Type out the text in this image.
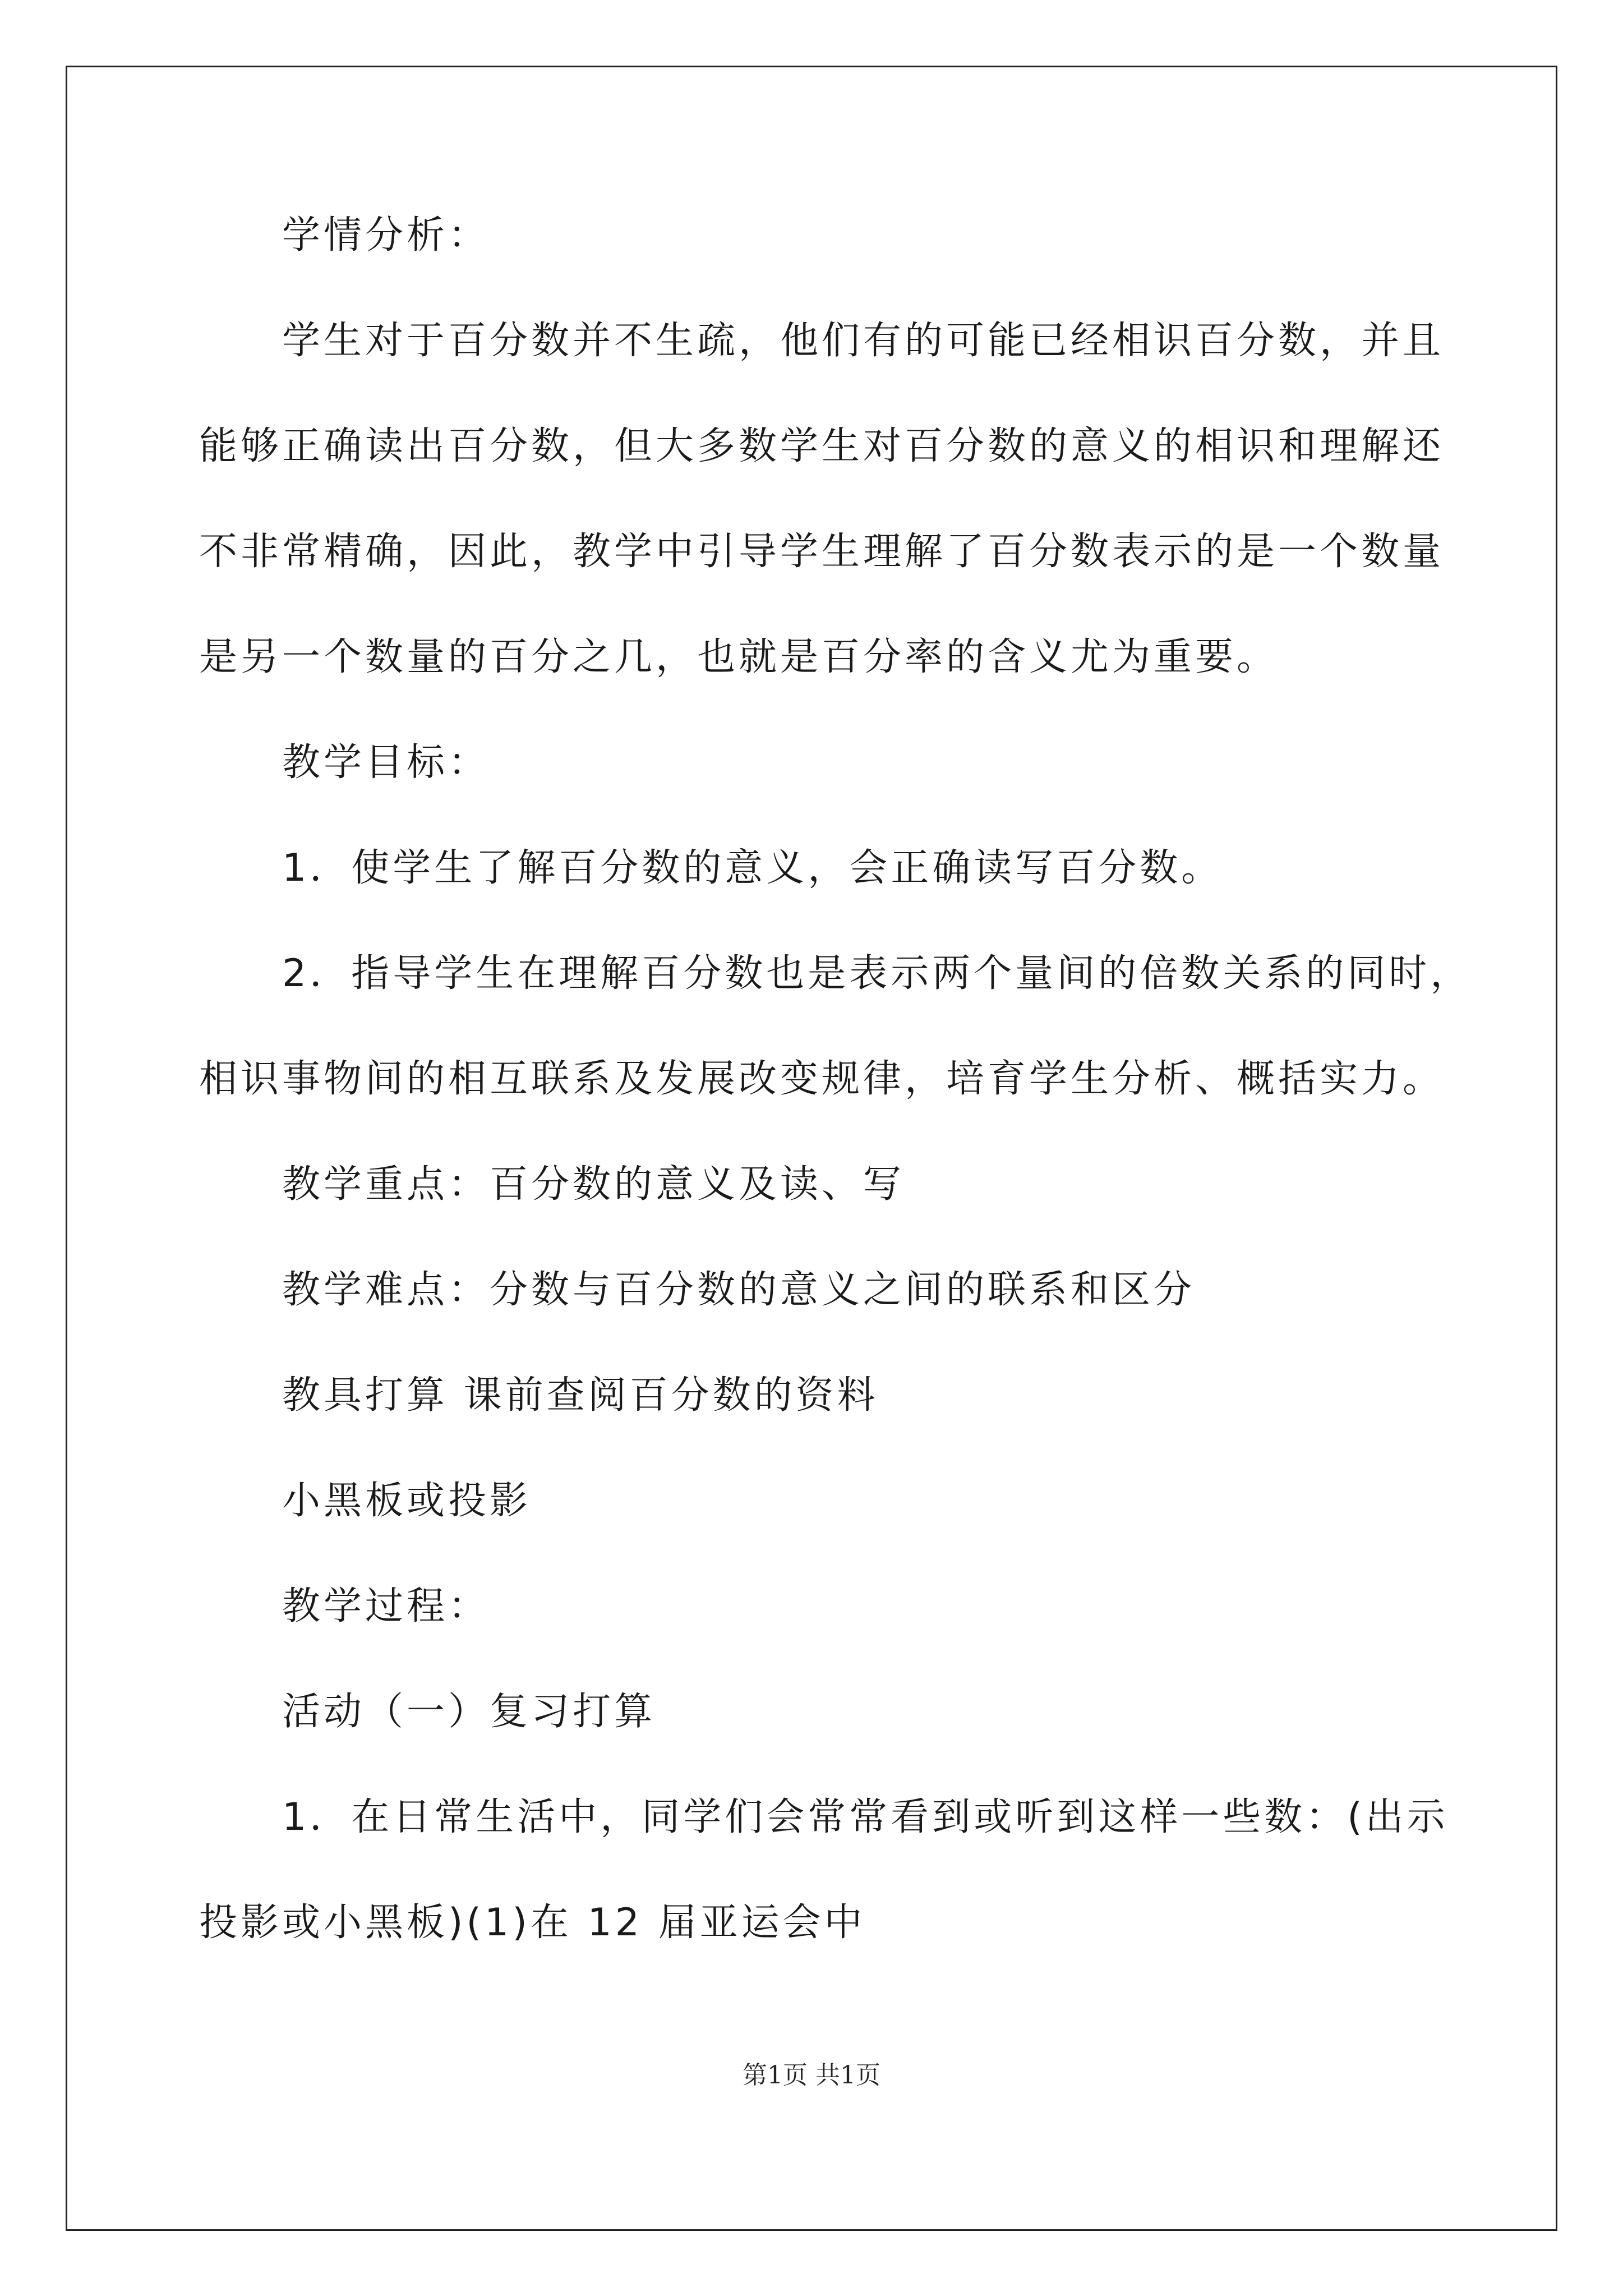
学情分析：
学生对于百分数并不生疏，他们有的可能已经相识百分数，并且
能够正确读出百分数，但大多数学生对百分数的意义的相识和理解还
不非常精确，因此，教学中引导学生理解了百分数表示的是一个数量
是另一个数量的百分之几，也就是百分率的含义尤为重要。
教学目标：
1．使学生了解百分数的意义，会正确读写百分数。
2．指导学生在理解百分数也是表示两个量间的倍数关系的同时，
相识事物间的相互联系及发展改变规律，培育学生分析、概括实力。
教学重点：百分数的意义及读、写
教学难点：分数与百分数的意义之间的联系和区分
教具打算 课前查阅百分数的资料
小黑板或投影
教学过程：
活动（一）复习打算
1．在日常生活中，同学们会常常看到或听到这样一些数：(出示
投影或小黑板)(1)在 12 届亚运会中
第1页 共1页
